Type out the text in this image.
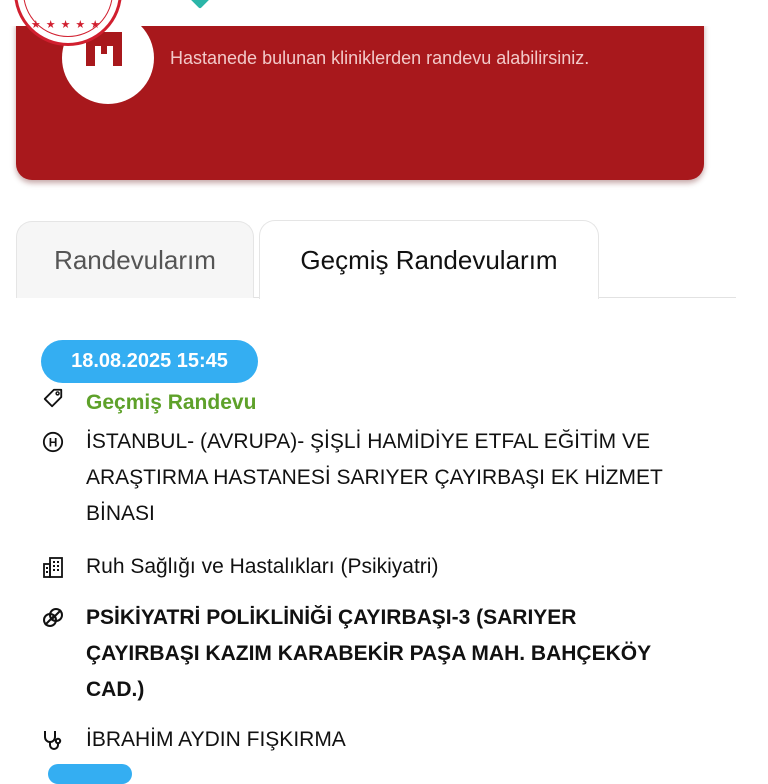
★★★★★
Hastanede bulunan kliniklerden randevu alabilirsiniz.
Randevularım	Geçmiş Randevularım
18.08.2025 15:45
Geçmiş Randevu
H İSTANBUL- (AVRUPA)- ŞİŞLİ HAMİDİYE ETFAL EĞİTİM VE ARAŞTIRMA HASTANESİ SARIYER ÇAYIRBAŞI EK HİZMET BİNASI
Ruh Sağlığı ve Hastalıkları (Psikiyatri)
PSİKİYATRİ POLİKLİNİĞİ ÇAYIRBAŞI-3 (SARIYER ÇAYIRBAŞI KAZIM KARABEKİR PAŞA MAH. BAHÇEKÖY CAD.)
İBRAHİM AYDIN FIŞKIRMA
